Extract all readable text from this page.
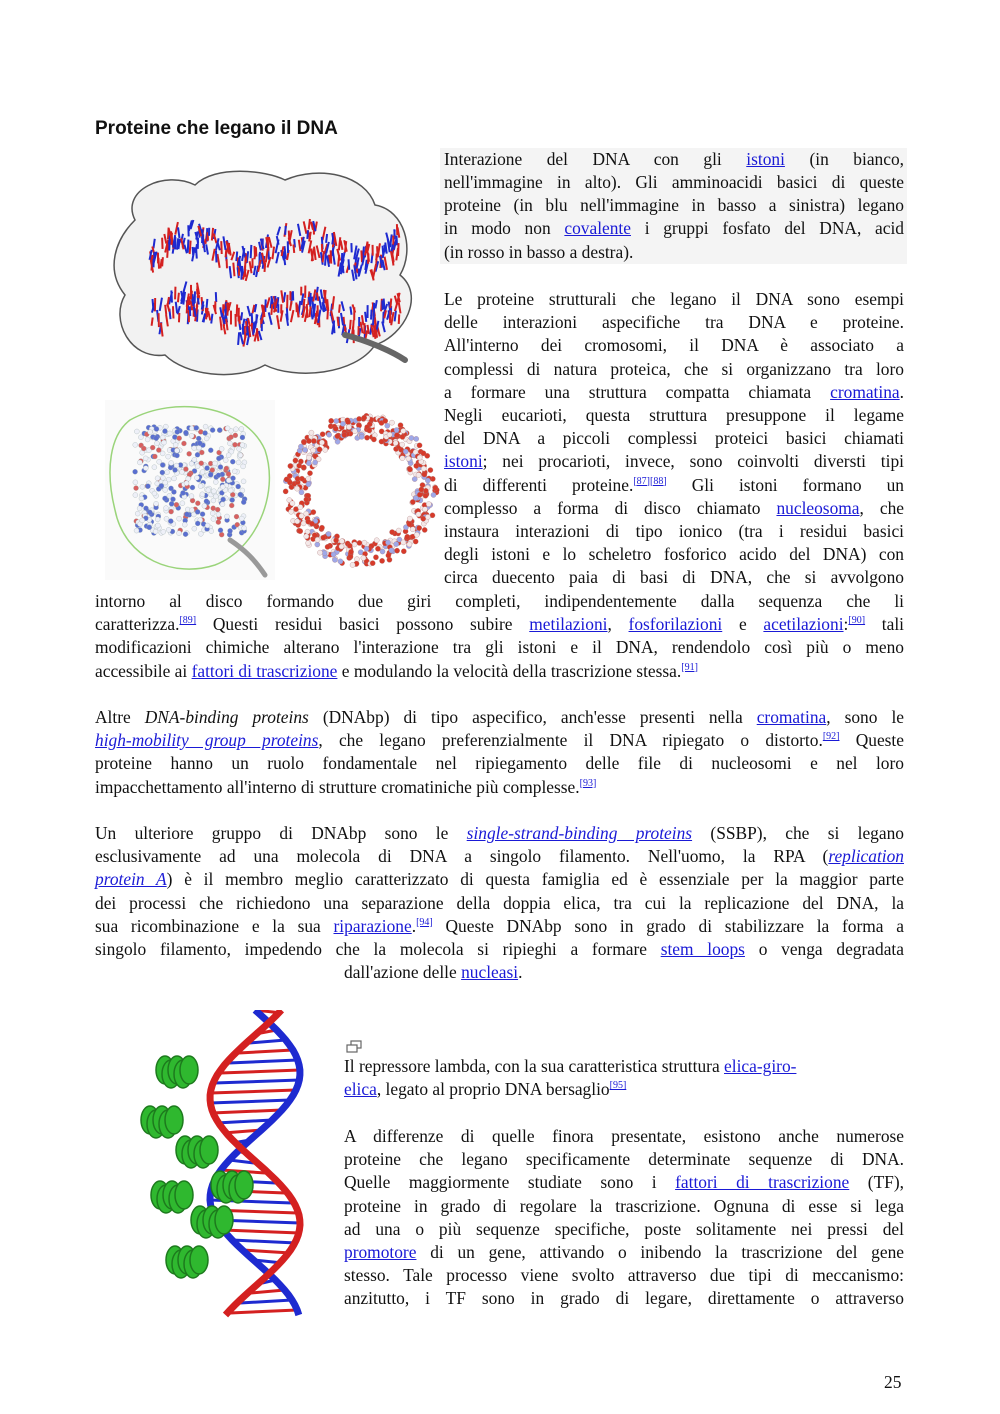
Proteine che legano il DNA
Interazione del DNA con gli istoni (in bianco,
nell'immagine in alto). Gli amminoacidi basici di queste
proteine (in blu nell'immagine in basso a sinistra) legano
in modo non covalente i gruppi fosfato del DNA, acid
(in rosso in basso a destra).
Le proteine strutturali che legano il DNA sono esempi
delle interazioni aspecifiche tra DNA e proteine.
All'interno dei cromosomi, il DNA è associato a
complessi di natura proteica, che si organizzano tra loro
a formare una struttura compatta chiamata cromatina.
Negli eucarioti, questa struttura presuppone il legame
del DNA a piccoli complessi proteici basici chiamati
istoni; nei procarioti, invece, sono coinvolti diversti tipi
di differenti proteine.[87][88] Gli istoni formano un
complesso a forma di disco chiamato nucleosoma, che
instaura interazioni di tipo ionico (tra i residui basici
degli istoni e lo scheletro fosforico acido del DNA) con
circa duecento paia di basi di DNA, che si avvolgono
intorno al disco formando due giri completi, indipendentemente dalla sequenza che li
caratterizza.[89] Questi residui basici possono subire metilazioni, fosforilazioni e acetilazioni:[90] tali
modificazioni chimiche alterano l'interazione tra gli istoni e il DNA, rendendolo così più o meno
accessibile ai fattori di trascrizione e modulando la velocità della trascrizione stessa.[91]
Altre DNA-binding proteins (DNAbp) di tipo aspecifico, anch'esse presenti nella cromatina, sono le
high-mobility group proteins, che legano preferenzialmente il DNA ripiegato o distorto.[92] Queste
proteine hanno un ruolo fondamentale nel ripiegamento delle file di nucleosomi e nel loro
impacchettamento all'interno di strutture cromatiniche più complesse.[93]
Un ulteriore gruppo di DNAbp sono le single-strand-binding proteins (SSBP), che si legano
esclusivamente ad una molecola di DNA a singolo filamento. Nell'uomo, la RPA (replication
protein A) è il membro meglio caratterizzato di questa famiglia ed è essenziale per la maggior parte
dei processi che richiedono una separazione della doppia elica, tra cui la replicazione del DNA, la
sua ricombinazione e la sua riparazione.[94] Queste DNAbp sono in grado di stabilizzare la forma a
singolo filamento, impedendo che la molecola si ripieghi a formare stem loops o venga degradata
dall'azione delle nucleasi.
Il repressore lambda, con la sua caratteristica struttura elica-giro-
elica, legato al proprio DNA bersaglio[95]
A differenze di quelle finora presentate, esistono anche numerose
proteine che legano specificamente determinate sequenze di DNA.
Quelle maggiormente studiate sono i fattori di trascrizione (TF),
proteine in grado di regolare la trascrizione. Ognuna di esse si lega
ad una o più sequenze specifiche, poste solitamente nei pressi del
promotore di un gene, attivando o inibendo la trascrizione del gene
stesso. Tale processo viene svolto attraverso due tipi di meccanismo:
anzitutto, i TF sono in grado di legare, direttamente o attraverso
25
